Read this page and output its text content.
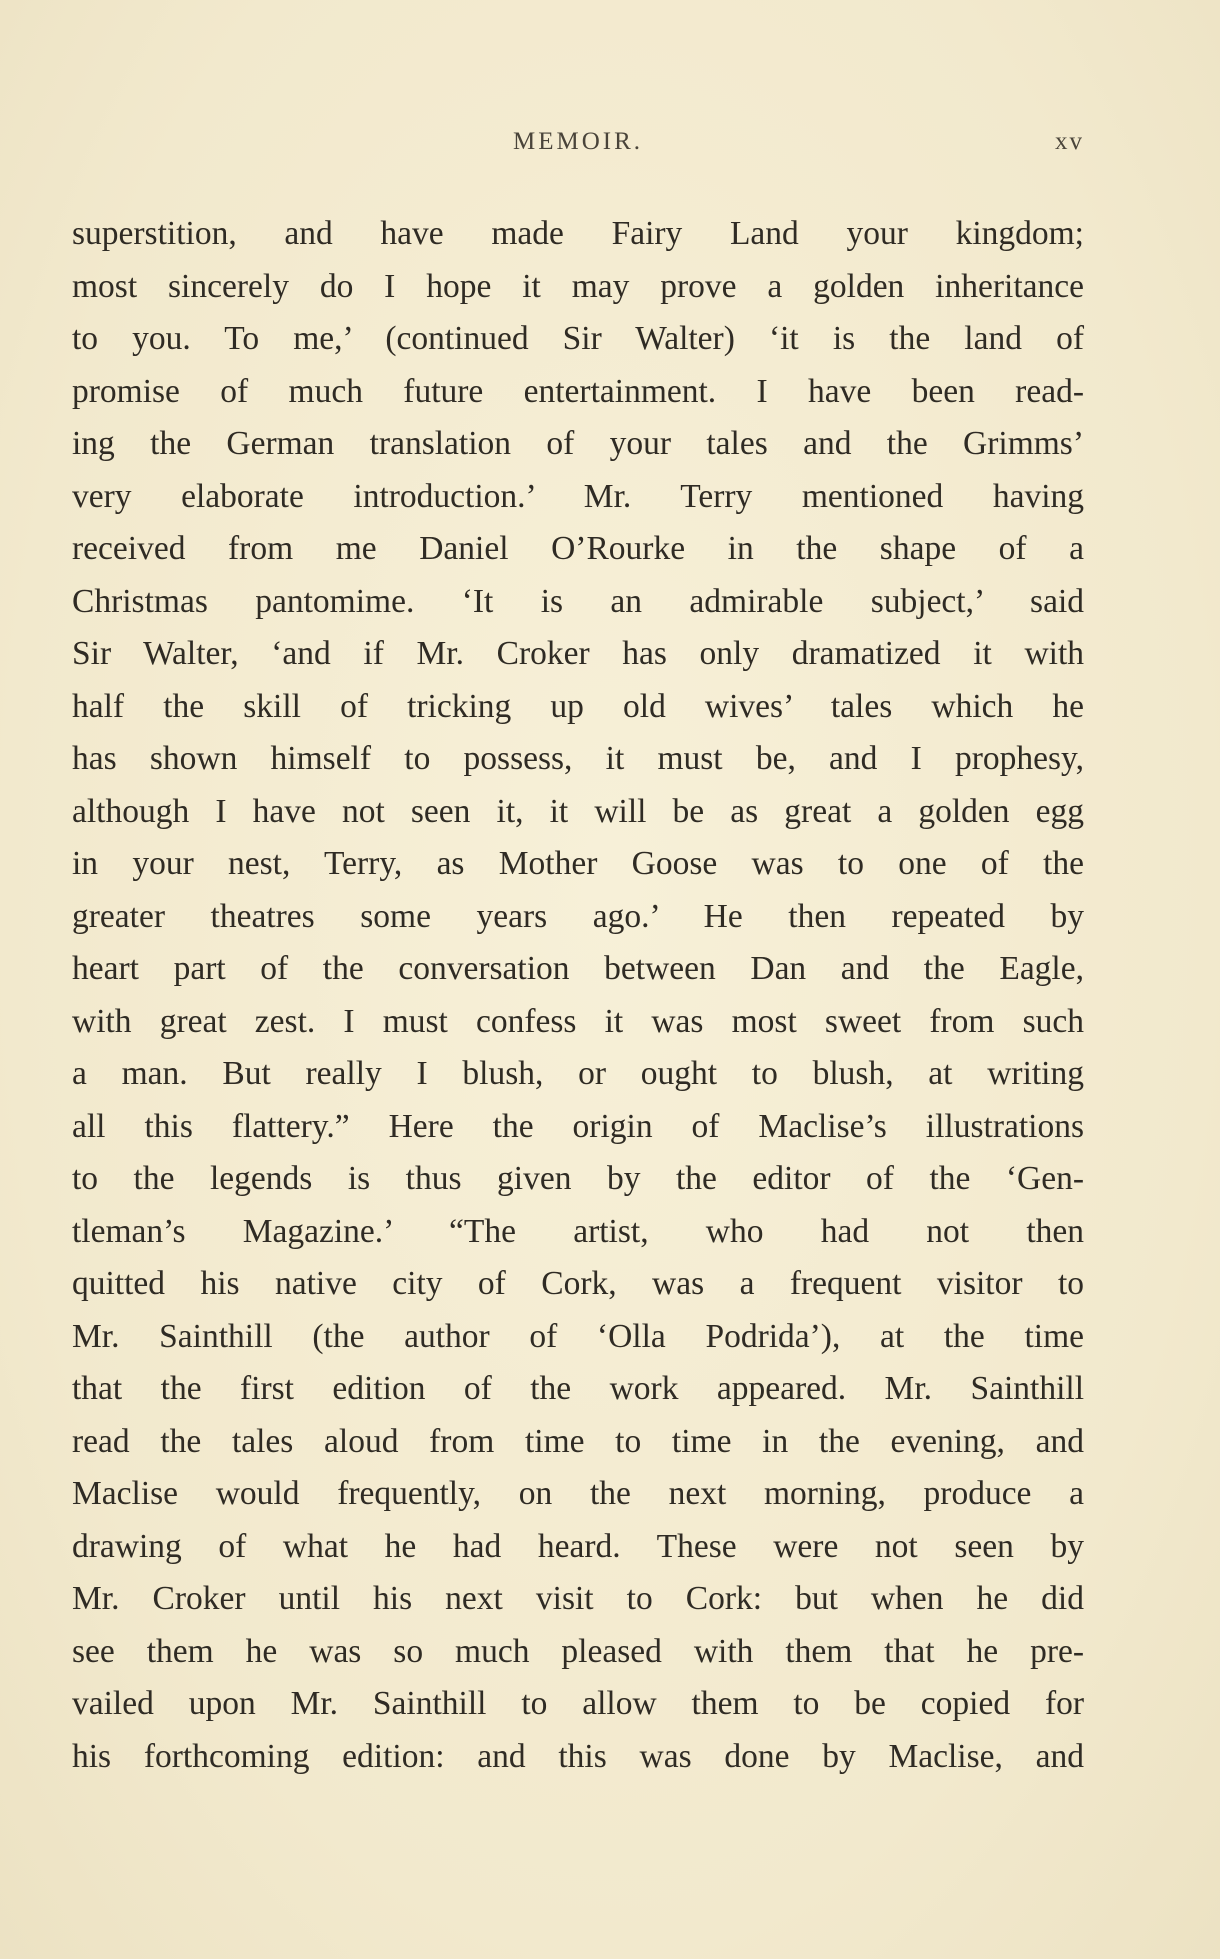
MEMOIR.	xv
superstition, and have made Fairy Land your kingdom;
most sincerely do I hope it may prove a golden inheritance
to you. To me,’ (continued Sir Walter) ‘it is the land of
promise of much future entertainment. I have been read-
ing the German translation of your tales and the Grimms’
very elaborate introduction.’ Mr. Terry mentioned having
received from me Daniel O’Rourke in the shape of a
Christmas pantomime. ‘It is an admirable subject,’ said
Sir Walter, ‘and if Mr. Croker has only dramatized it with
half the skill of tricking up old wives’ tales which he
has shown himself to possess, it must be, and I prophesy,
although I have not seen it, it will be as great a golden egg
in your nest, Terry, as Mother Goose was to one of the
greater theatres some years ago.’ He then repeated by
heart part of the conversation between Dan and the Eagle,
with great zest. I must confess it was most sweet from such
a man. But really I blush, or ought to blush, at writing
all this flattery.” Here the origin of Maclise’s illustrations
to the legends is thus given by the editor of the ‘Gen-
tleman’s Magazine.’ “The artist, who had not then
quitted his native city of Cork, was a frequent visitor to
Mr. Sainthill (the author of ‘Olla Podrida’), at the time
that the first edition of the work appeared. Mr. Sainthill
read the tales aloud from time to time in the evening, and
Maclise would frequently, on the next morning, produce a
drawing of what he had heard. These were not seen by
Mr. Croker until his next visit to Cork: but when he did
see them he was so much pleased with them that he pre-
vailed upon Mr. Sainthill to allow them to be copied for
his forthcoming edition: and this was done by Maclise, and
